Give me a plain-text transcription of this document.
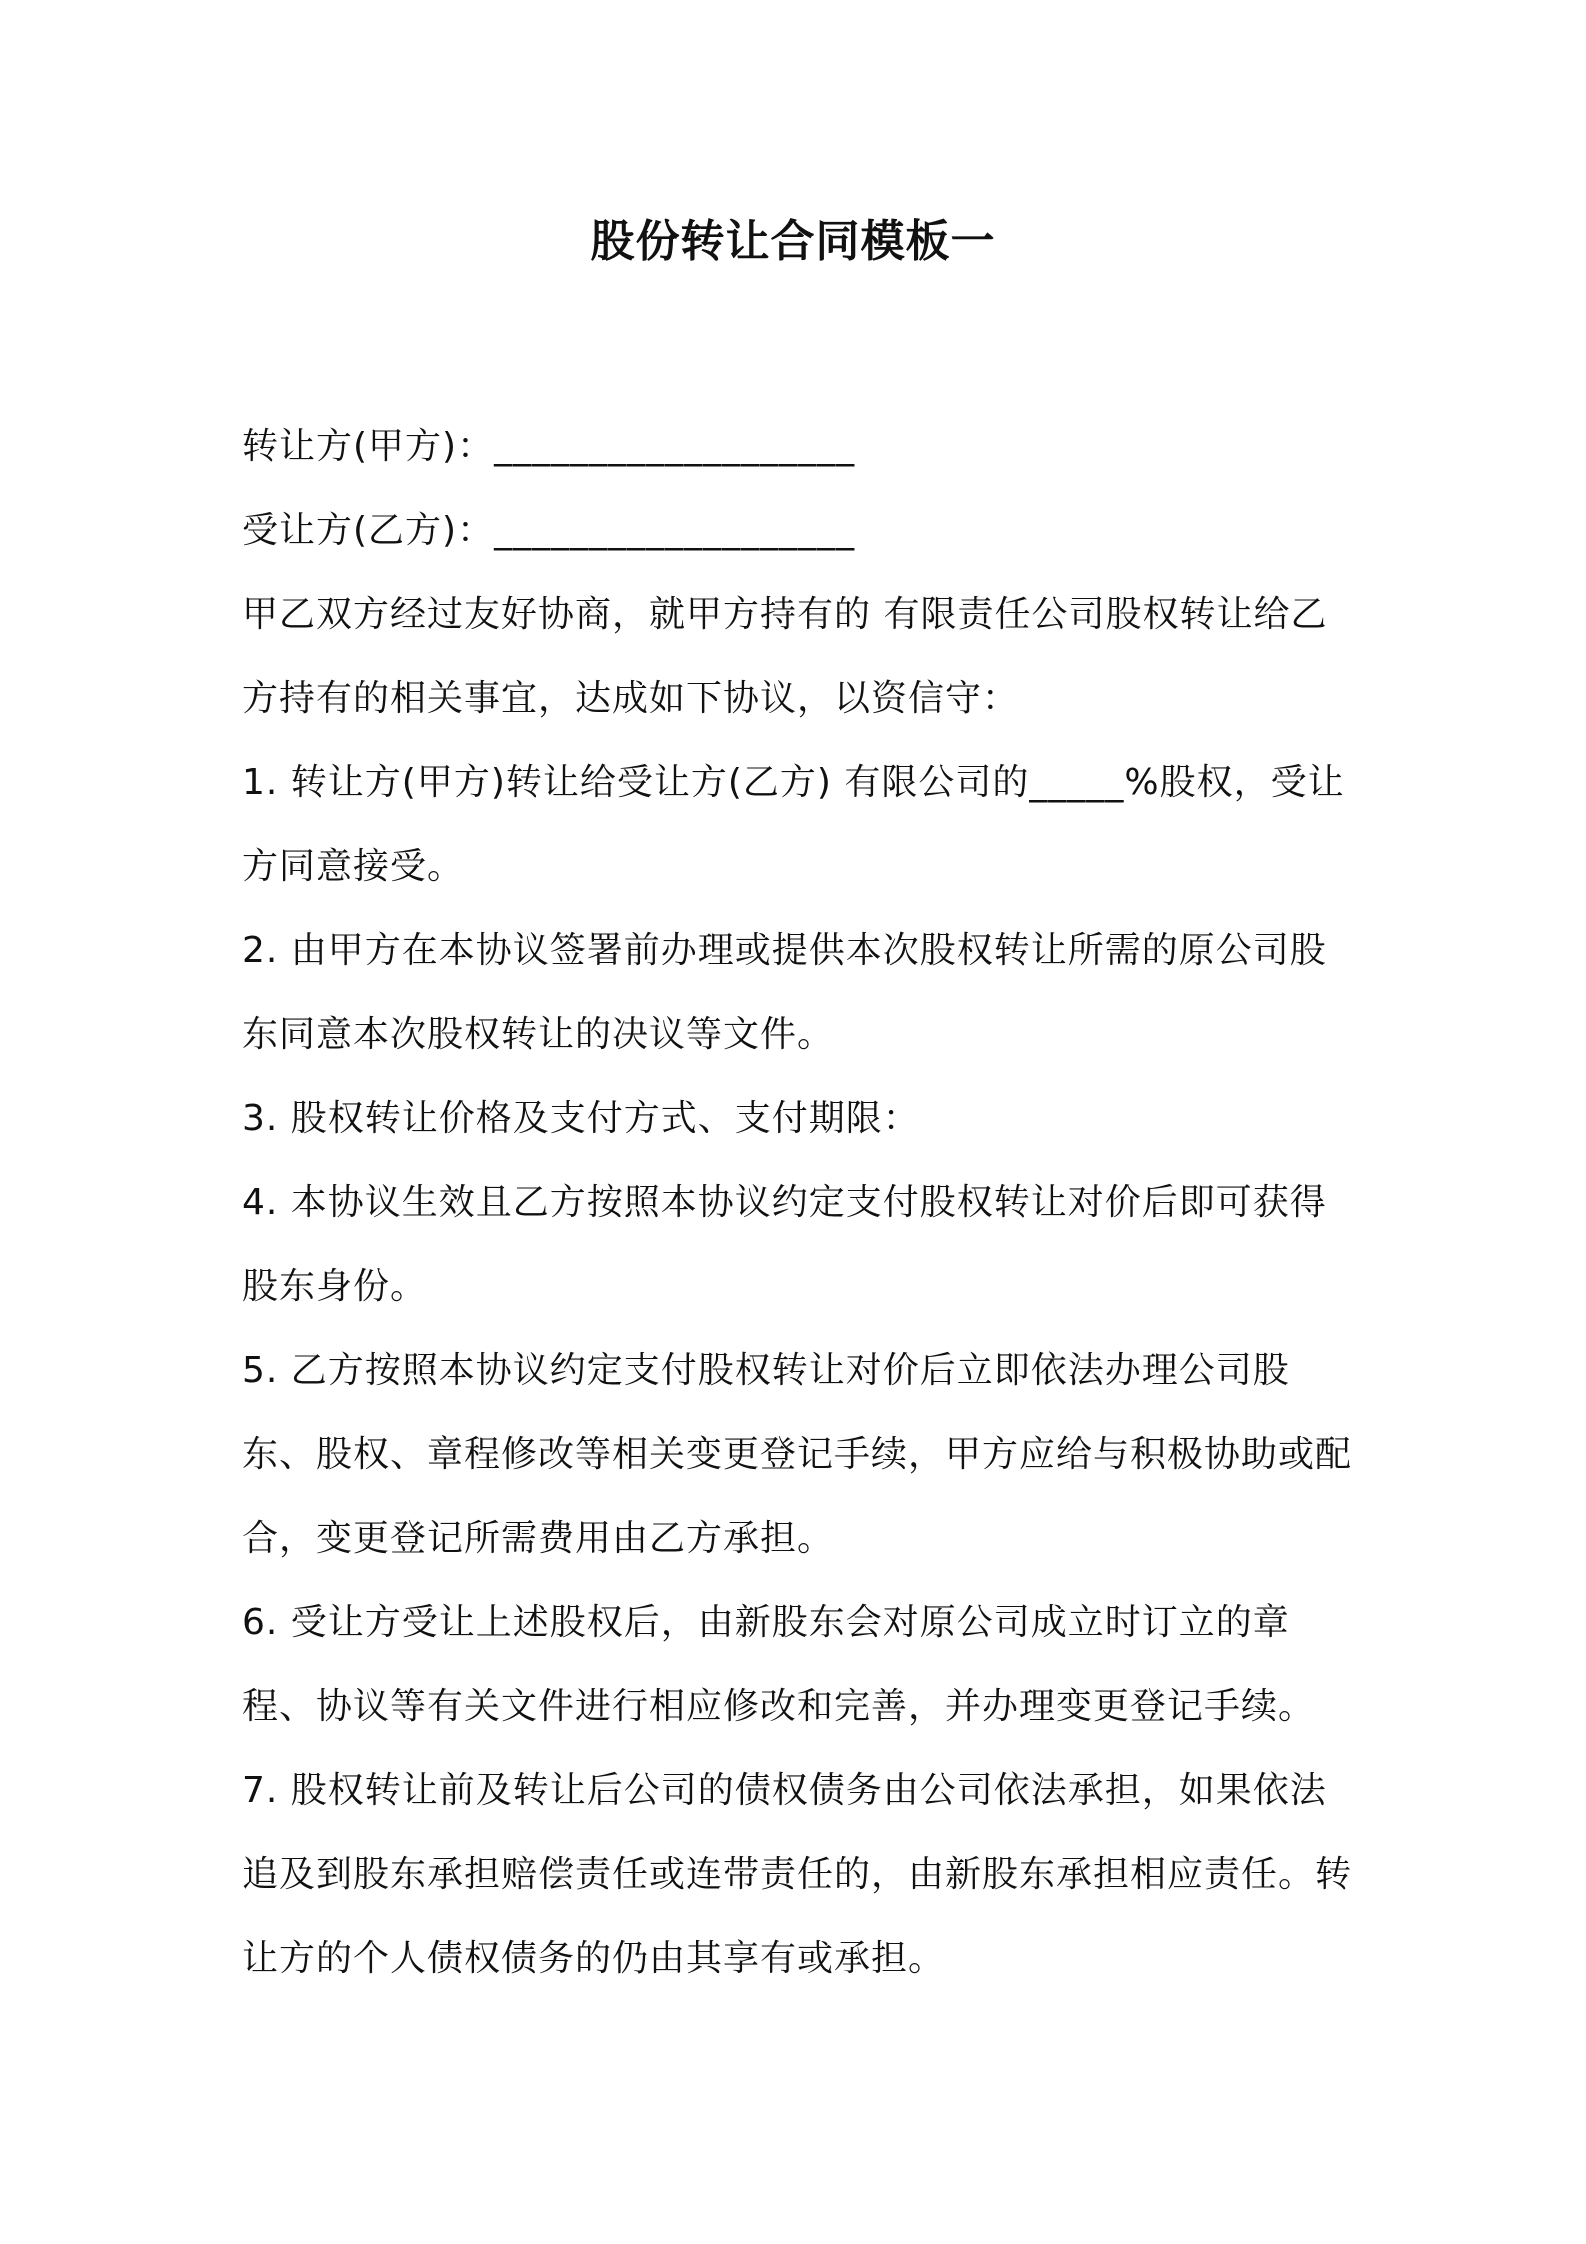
股份转让合同模板一

转让方(甲方)：___________________

受让方(乙方)：___________________

甲乙双方经过友好协商，就甲方持有的 有限责任公司股权转让给乙方持有的相关事宜，达成如下协议，以资信守：

1. 转让方(甲方)转让给受让方(乙方) 有限公司的_____%股权，受让方同意接受。

2. 由甲方在本协议签署前办理或提供本次股权转让所需的原公司股东同意本次股权转让的决议等文件。

3. 股权转让价格及支付方式、支付期限：

4. 本协议生效且乙方按照本协议约定支付股权转让对价后即可获得股东身份。

5. 乙方按照本协议约定支付股权转让对价后立即依法办理公司股东、股权、章程修改等相关变更登记手续，甲方应给与积极协助或配合，变更登记所需费用由乙方承担。

6. 受让方受让上述股权后，由新股东会对原公司成立时订立的章程、协议等有关文件进行相应修改和完善，并办理变更登记手续。

7. 股权转让前及转让后公司的债权债务由公司依法承担，如果依法追及到股东承担赔偿责任或连带责任的，由新股东承担相应责任。转让方的个人债权债务的仍由其享有或承担。
